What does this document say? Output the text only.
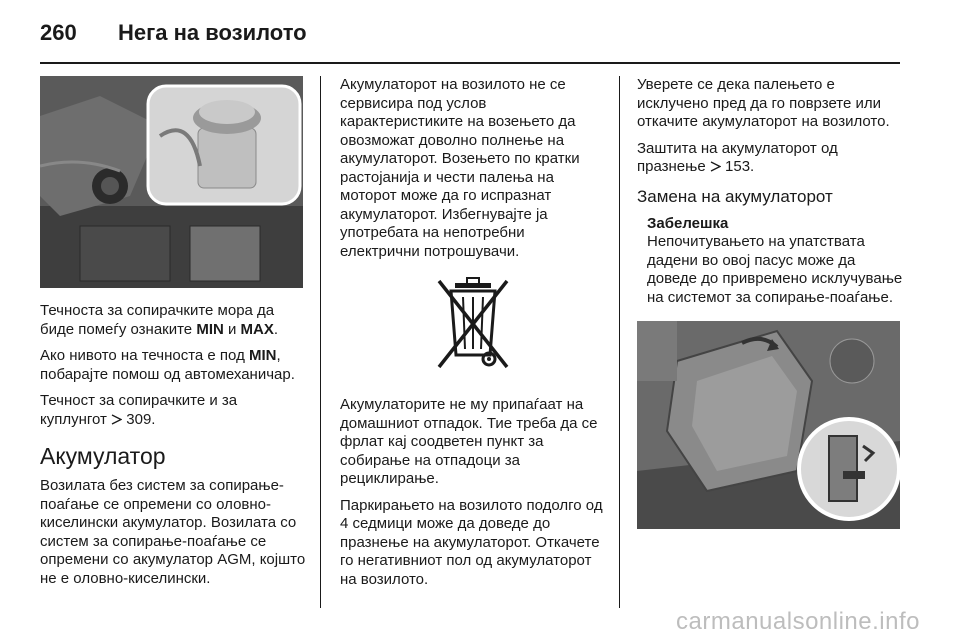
260 Нега на возилото

Течноста за сопирачките мора да биде помеѓу ознаките MIN и MAX.

Ако нивото на течноста е под MIN, побарајте помош од автомеханичар.

Течност за сопирачките и за куплунгот  309.

Акумулатор

Возилата без систем за сопирање-поаѓање се опремени со оловно-киселински акумулатор. Возилата со систем за сопирање-поаѓање се опремени со акумулатор AGM, којшто не е оловно-киселински.

Акумулаторот на возилото не се сервисира под услов карактеристиките на возењето да овозможат доволно полнење на акумулаторот. Возењето по кратки растојанија и чести палења на моторот може да го испразнат акумулаторот. Избегнувајте ја употребата на непотребни електрични потрошувачи.

Акумулаторите не му припаѓаат на домашниот отпадок. Тие треба да се фрлат кај соодветен пункт за собирање на отпадоци за рециклирање.

Паркирањето на возилото подолго од 4 седмици може да доведе до празнење на акумулаторот. Откачете го негативниот пол од акумулаторот на возилото.

Уверете се дека палењето е исклучено пред да го поврзете или откачите акумулаторот на возилото.

Заштита на акумулаторот од празнење  153.

Замена на акумулаторот

Забелешка

Непочитувањето на упатствата дадени во овој пасус може да доведе до привремено исклучување на системот за сопирање-поаѓање.

carmanualsonline.info
